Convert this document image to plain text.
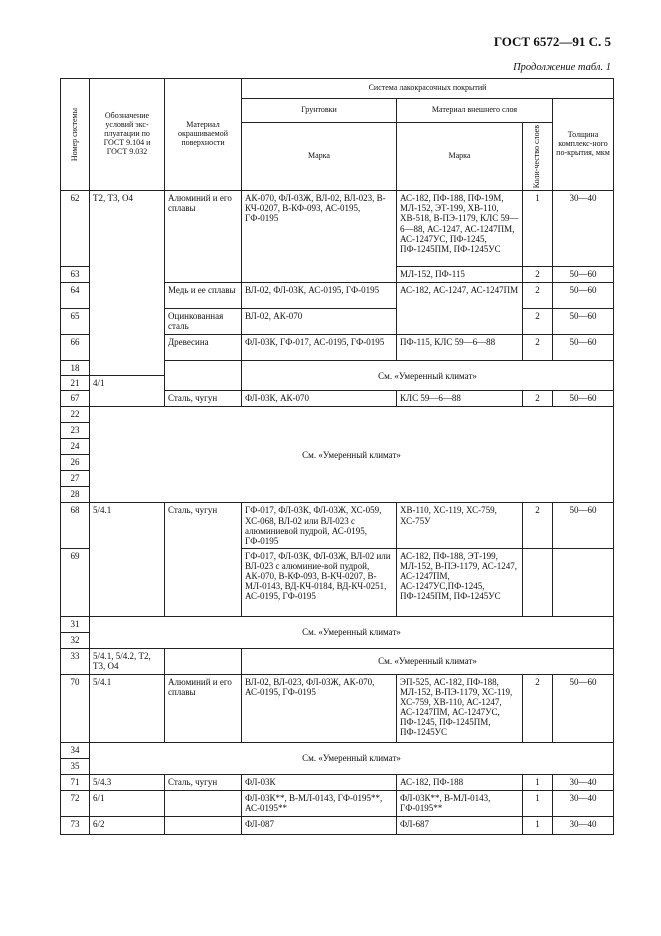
ГОСТ 6572—91 С. 5
Продолжение табл. 1
Номер системы	Обозначение условий экс-плуатации по ГОСТ 9.104 и ГОСТ 9.032	Материал окрашиваемой поверхности	Система лакокрасочных покрытий			
			Грунтовки	Материал внешнего слоя		Толщина комплекс-ного по-крытия, мкм
			Марка	Марка	Коли-чество слоев	

62	Т2, Т3, О4	Алюминий и его сплавы	АК-070, ФЛ-03Ж, ВЛ-02, ВЛ-023, В-КЧ-0207, В-КФ-093, АС-0195, ГФ-0195	АС-182, ПФ-188, ПФ-19М, МЛ-152, ЭТ-199, ХВ-110, ХВ-518, В-ПЭ-1179, КЛС 59—6—88, АС-1247, АС-1247ПМ, АС-1247УС, ПФ-1245, ПФ-1245ПМ, ПФ-1245УС	1	30—40
63				МЛ-152, ПФ-115	2	50—60
64		Медь и ее сплавы	ВЛ-02, ФЛ-03К, АС-0195, ГФ-0195	АС-182, АС-1247, АС-1247ПМ	2	50—60
65		Оцинкованная сталь	ВЛ-02, АК-070		2	50—60
66		Древесина	ФЛ-03К, ГФ-017, АС-0195, ГФ-0195	ПФ-115, КЛС 59—6—88	2	50—60
18			См. «Умеренный климат»			
21	4/1					
67		Сталь, чугун	ФЛ-03К, АК-070	КЛС 59—6—88	2	50—60
22	См. «Умеренный климат»					
23						
24						
26						
27						
28						
68	5/4.1	Сталь, чугун	ГФ-017, ФЛ-03К, ФЛ-03Ж, ХС-059, ХС-068, ВЛ-02 или ВЛ-023 с алюминиевой пудрой, АС-0195, ГФ-0195	ХВ-110, ХС-119, ХС-759, ХС-75У	2	50—60
69			ГФ-017, ФЛ-03К, ФЛ-03Ж, ВЛ-02 или ВЛ-023 с алюминие-вой пудрой, АК-070, В-КФ-093, В-КЧ-0207, В-МЛ-0143, ВД-КЧ-0184, ВД-КЧ-0251, АС-0195, ГФ-0195	АС-182, ПФ-188, ЭТ-199, МЛ-152, В-ПЭ-1179, АС-1247, АС-1247ПМ, АС-1247УС,ПФ-1245, ПФ-1245ПМ, ПФ-1245УС		
31	См. «Умеренный климат»					
32						
33	5/4.1, 5/4.2, Т2, Т3, О4		См. «Умеренный климат»			
70	5/4.1	Алюминий и его сплавы	ВЛ-02, ВЛ-023, ФЛ-03Ж, АК-070, АС-0195, ГФ-0195	ЭП-525, АС-182, ПФ-188, МЛ-152, В-ПЭ-1179, ХС-119, ХС-759, ХВ-110, АС-1247, АС-1247ПМ, АС-1247УС, ПФ-1245, ПФ-1245ПМ, ПФ-1245УС	2	50—60
34	См. «Умеренный климат»					
35						
71	5/4.3	Сталь, чугун	ФЛ-03К	АС-182, ПФ-188	1	30—40
72	6/1		ФЛ-03К**, В-МЛ-0143, ГФ-0195**, АС-0195**	ФЛ-03К**, В-МЛ-0143, ГФ-0195**	1	30—40
73	6/2		ФЛ-087	ФЛ-687	1	30—40
